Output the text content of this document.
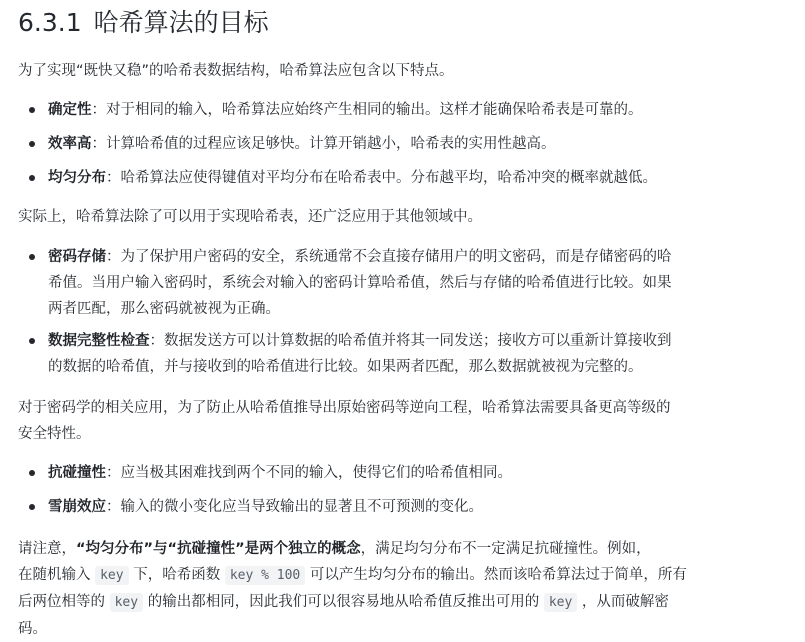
6.3.1 哈希算法的目标

为了实现“既快又稳”的哈希表数据结构，哈希算法应包含以下特点。

确定性：对于相同的输入，哈希算法应始终产生相同的输出。这样才能确保哈希表是可靠的。
效率高：计算哈希值的过程应该足够快。计算开销越小，哈希表的实用性越高。
均匀分布：哈希算法应使得键值对平均分布在哈希表中。分布越平均，哈希冲突的概率就越低。

实际上，哈希算法除了可以用于实现哈希表，还广泛应用于其他领域中。

密码存储：为了保护用户密码的安全，系统通常不会直接存储用户的明文密码，而是存储密码的哈
希值。当用户输入密码时，系统会对输入的密码计算哈希值，然后与存储的哈希值进行比较。如果
两者匹配，那么密码就被视为正确。
数据完整性检查：数据发送方可以计算数据的哈希值并将其一同发送；接收方可以重新计算接收到
的数据的哈希值，并与接收到的哈希值进行比较。如果两者匹配，那么数据就被视为完整的。
对于密码学的相关应用，为了防止从哈希值推导出原始密码等逆向工程，哈希算法需要具备更高等级的
安全特性。
抗碰撞性：应当极其困难找到两个不同的输入，使得它们的哈希值相同。
雪崩效应：输入的微小变化应当导致输出的显著且不可预测的变化。
请注意，“均匀分布”与“抗碰撞性”是两个独立的概念，满足均匀分布不一定满足抗碰撞性。例如，
在随机输入 key 下，哈希函数 key % 100 可以产生均匀分布的输出。然而该哈希算法过于简单，所有
后两位相等的 key 的输出都相同，因此我们可以很容易地从哈希值反推出可用的 key ，从而破解密
码。
